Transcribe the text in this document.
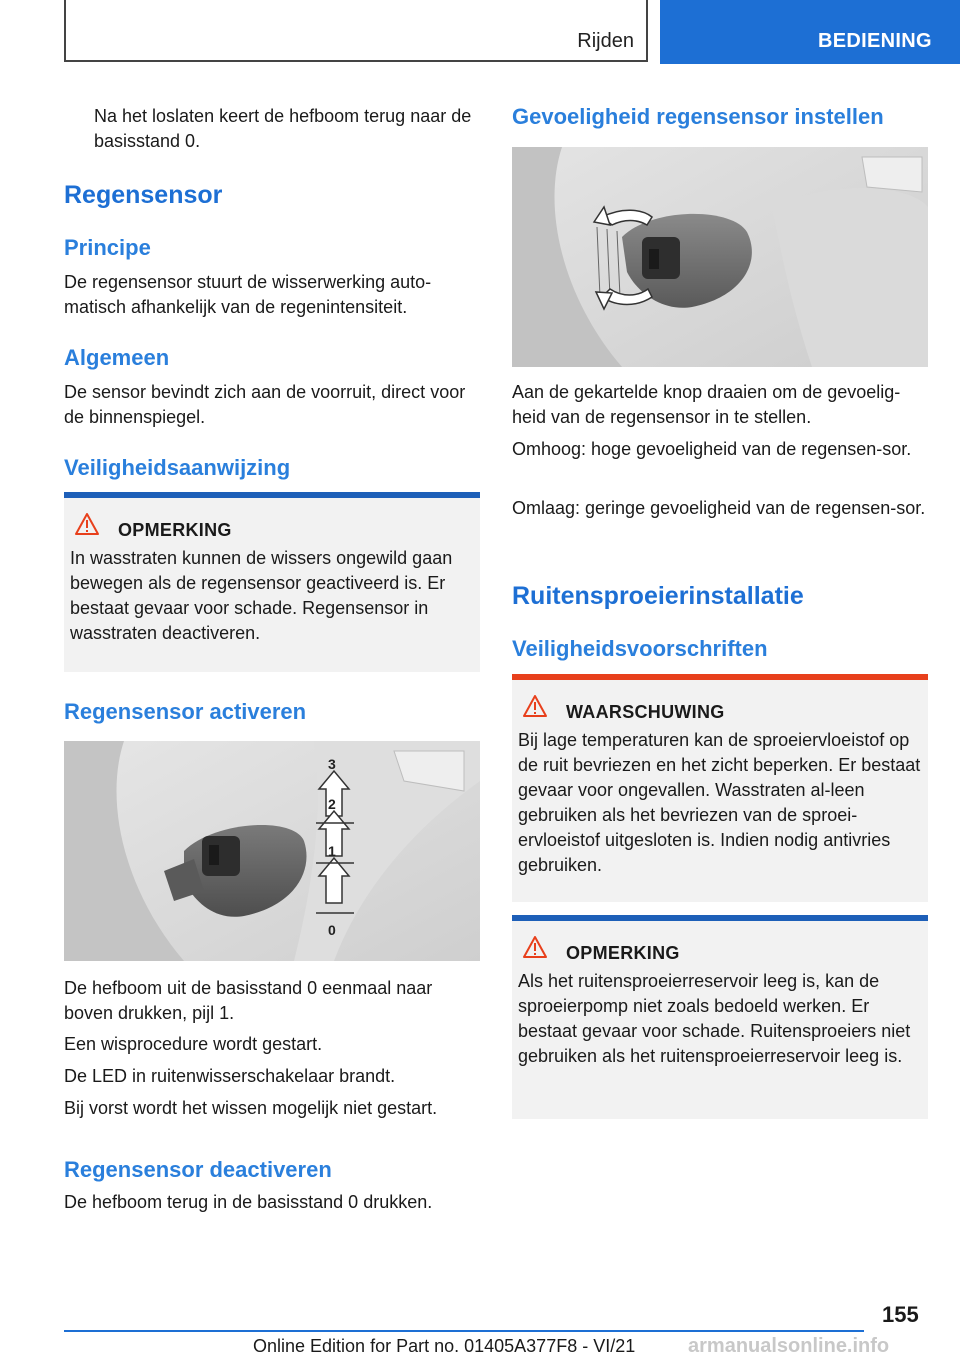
Rijden	BEDIENING

Na het loslaten keert de hefboom terug naar de basisstand 0.

Regensensor
Principe

De regensensor stuurt de wisserwerking auto-matisch afhankelijk van de regenintensiteit.

Algemeen

De sensor bevindt zich aan de voorruit, direct voor de binnenspiegel.

Veiligheidsaanwijzing
OPMERKING
In wasstraten kunnen de wissers ongewild gaan bewegen als de regensensor geactiveerd is. Er bestaat gevaar voor schade. Regensensor in wasstraten deactiveren.
Regensensor activeren
3
2
1
0

De hefboom uit de basisstand 0 eenmaal naar boven drukken, pijl 1.

Een wisprocedure wordt gestart.

De LED in ruitenwisserschakelaar brandt.

Bij vorst wordt het wissen mogelijk niet gestart.

Regensensor deactiveren

De hefboom terug in de basisstand 0 drukken.

Gevoeligheid regensensor instellen

Aan de gekartelde knop draaien om de gevoelig-heid van de regensensor in te stellen.

Omhoog: hoge gevoeligheid van de regensen-sor.

Omlaag: geringe gevoeligheid van de regensen-sor.

Ruitensproeierinstallatie
Veiligheidsvoorschriften
WAARSCHUWING
Bij lage temperaturen kan de sproeiervloeistof op de ruit bevriezen en het zicht beperken. Er bestaat gevaar voor ongevallen. Wasstraten al-leen gebruiken als het bevriezen van de sproei-ervloeistof uitgesloten is. Indien nodig antivries gebruiken.
OPMERKING
Als het ruitensproeierreservoir leeg is, kan de sproeierpomp niet zoals bedoeld werken. Er bestaat gevaar voor schade. Ruitensproeiers niet gebruiken als het ruitensproeierreservoir leeg is.
155
Online Edition for Part no. 01405A377F8 - VI/21	armanualsonline.info
